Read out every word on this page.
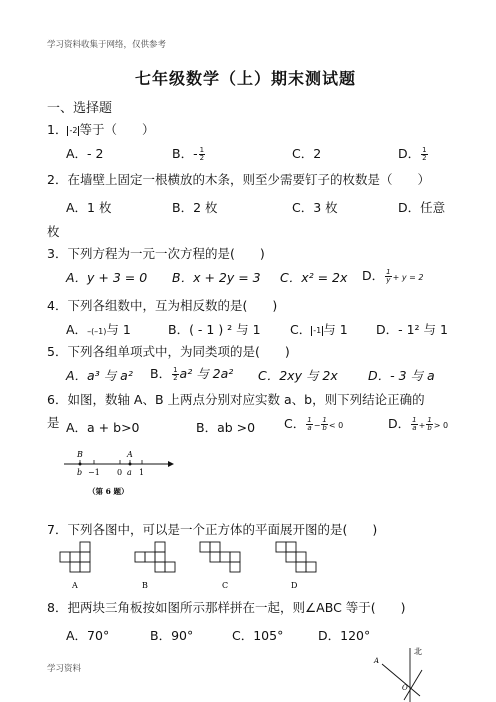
学习资料收集于网络，仅供参考
七年级数学（上）期末测试题
一、选择题
1． -2 等于（　　）
A．- 2	B．- $\frac{1}{2}$	C．2	D． $\frac{1}{2}$
2．在墙壁上固定一根横放的木条，则至少需要钉子的枚数是（　　）
A．1 枚	B．2 枚	C．3 枚	D．任意
枚
3．下列方程为一元一次方程的是(　　)
A．y + 3 = 0 B．x + 2y = 3 C．x² = 2x D． $\frac{1}{y} + y = 2$
4．下列各组数中，互为相反数的是(　　)
A．–(–1)与 1	B．( - 1 ) ² 与 1 C． -1 与 1 D．- 1² 与 1
5．下列各组单项式中，为同类项的是(　　)
A．a³ 与 a² B． $\frac{1}{2} a^2$ 与 2a² C．2xy 与 2x D．- 3 与 a
6．如图，数轴 A、B 上两点分别对应实数 a、b，则下列结论正确的
是 A．a + b>0	B．ab >0 C． $\frac{1}{a} - \frac{1}{b} < 0$	D． $\frac{1}{a} + \frac{1}{b} > 0$
B
b −1 0
A
a 1
（第 6 题）
7．下列各图中，可以是一个正方体的平面展开图的是(　　)
A	B	C	D
8．把两块三角板按如图所示那样拼在一起，则∠ABC 等于(　　)
A．70°	B．90°	C．105°	D．120°
北
A
O
学习资料
